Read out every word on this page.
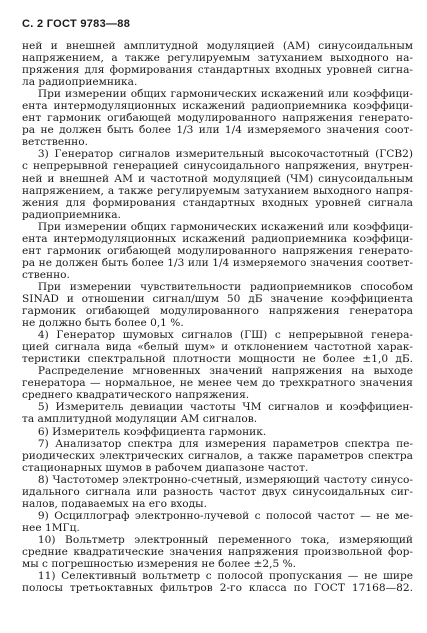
С. 2 ГОСТ 9783—88
ней и внешней амплитудной модуляцией (АМ) синусоидальным
напряжением, а также регулируемым затуханием выходного на-
пряжения для формирования стандартных входных уровней сигна-
ла радиоприемника.
  При измерении общих гармонических искажений или коэффици-
ента интермодуляционных искажений радиоприемника коэффици-
ент гармоник огибающей модулированного напряжения генерато-
ра не должен быть более 1/3 или 1/4 измеряемого значения соот-
ветственно.
  3) Генератор сигналов измерительный высокочастотный (ГСВ2)
с непрерывной генерацией синусоидального напряжения, внутрен-
ней и внешней АМ и частотной модуляцией (ЧМ) синусоидальным
напряжением, а также регулируемым затуханием выходного напря-
жения для формирования стандартных входных уровней сигнала
радиоприемника.
  При измерении общих гармонических искажений или коэффици-
ента интермодуляционных искажений радиоприемника коэффици-
ент гармоник огибающей модулированного напряжения генерато-
ра не должен быть более 1/3 или 1/4 измеряемого значения соответ-
ственно.
  При измерении чувствительности радиоприемников способом
SINAD и отношении сигнал/шум 50 дБ значение коэффициента
гармоник огибающей модулированного напряжения генератора
не должно быть более 0,1 %.
  4) Генератор шумовых сигналов (ГШ) с непрерывной генера-
цией сигнала вида «белый шум» и отклонением частотной харак-
теристики спектральной плотности мощности не более ±1,0 дБ.
  Распределение мгновенных значений напряжения на выходе
генератора — нормальное, не менее чем до трехкратного значения
среднего квадратического напряжения.
  5) Измеритель девиации частоты ЧМ сигналов и коэффициен-
та амплитудной модуляции АМ сигналов.
  6) Измеритель коэффициента гармоник.
  7) Анализатор спектра для измерения параметров спектра пе-
риодических электрических сигналов, а также параметров спектра
стационарных шумов в рабочем диапазоне частот.
  8) Частотомер электронно-счетный, измеряющий частоту синусо-
идального сигнала или разность частот двух синусоидальных сиг-
налов, подаваемых на его входы.
  9) Осциллограф электронно-лучевой с полосой частот — не ме-
нее 1МГц.
  10) Вольтметр электронный переменного тока, измеряющий
средние квадратические значения напряжения произвольной фор-
мы с погрешностью измерения не более ±2,5 %.
  11) Селективный вольтметр с полосой пропускания — не шире
полосы третьоктавных фильтров 2-го класса по ГОСТ 17168—82.
